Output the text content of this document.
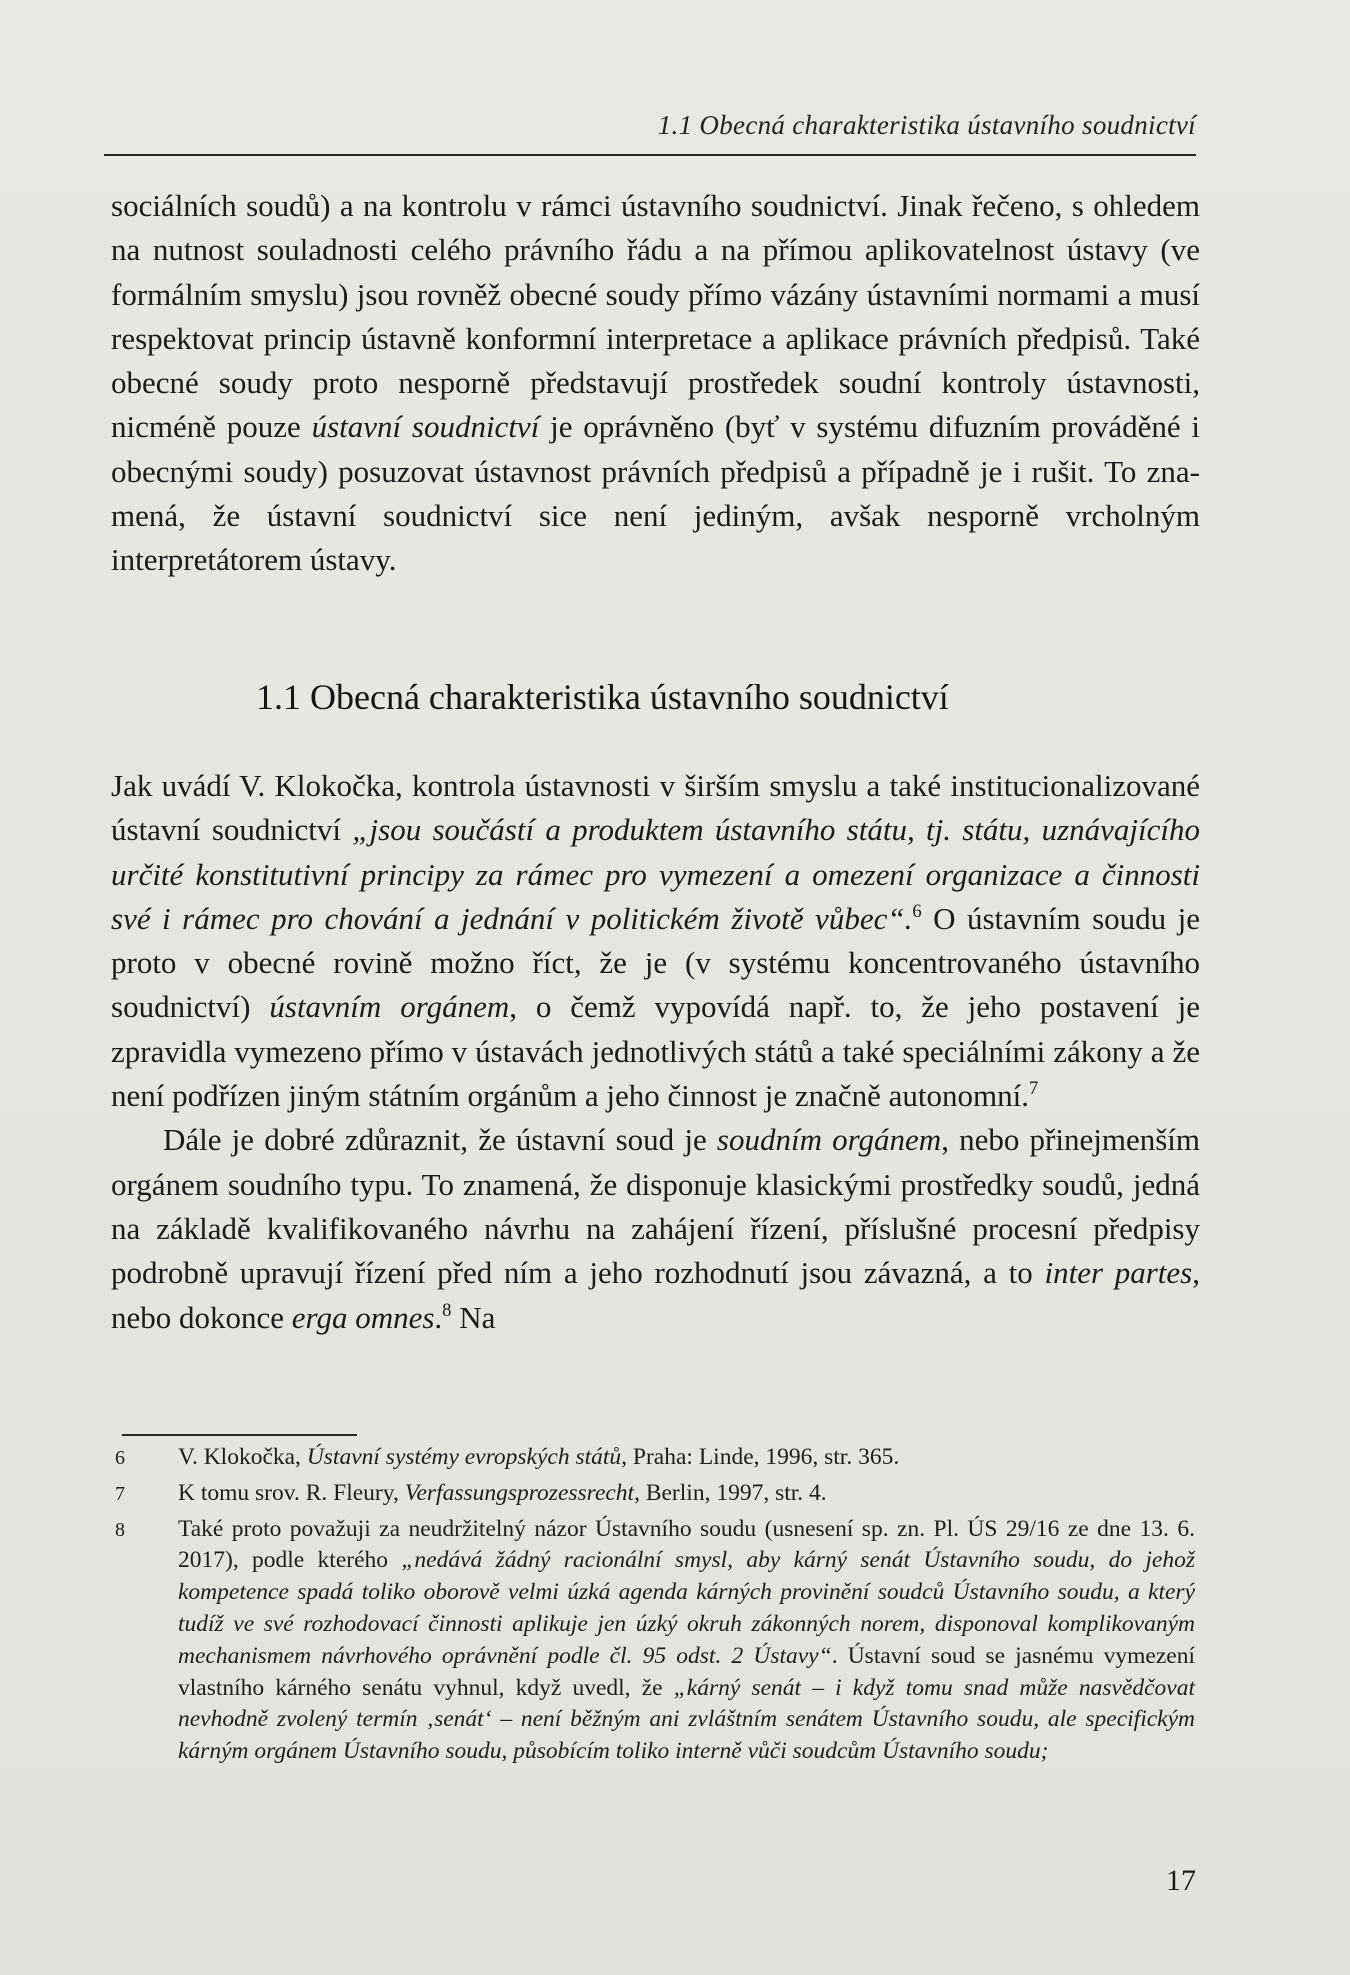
1.1 Obecná charakteristika ústavního soudnictví

sociálních soudů) a na kontrolu v rámci ústavního soudnictví. Jinak řečeno, s ohledem na nutnost souladnosti celého právního řádu a na přímou aplikovatelnost ústavy (ve formálním smyslu) jsou rovněž obecné soudy přímo vázány ústavními normami a musí respektovat princip ústavně konformní interpretace a aplikace právních předpisů. Také obecné soudy proto nesporně představují prostředek soudní kontroly ústavnosti, nicméně pouze ústavní soudnictví je oprávněno (byť v systému difuzním prováděné i obecnými soudy) posuzovat ústavnost právních předpisů a případně je i rušit. To znamená, že ústavní soudnictví sice není jediným, avšak nesporně vrcholným interpretátorem ústavy.

1.1 Obecná charakteristika ústavního soudnictví

Jak uvádí V. Klokočka, kontrola ústavnosti v širším smyslu a také institucionalizované ústavní soudnictví „jsou součástí a produktem ústavního státu, tj. státu, uznávajícího určité konstitutivní principy za rámec pro vymezení a omezení organizace a činnosti své i rámec pro chování a jednání v politickém životě vůbec“.$^6$ O ústavním soudu je proto v obecné rovině možno říct, že je (v systému koncentrovaného ústavního soudnictví) ústavním orgánem, o čemž vypovídá např. to, že jeho postavení je zpravidla vymezeno přímo v ústavách jednotlivých států a také speciálními zákony a že není podřízen jiným státním orgánům a jeho činnost je značně autonomní.$^7$

Dále je dobré zdůraznit, že ústavní soud je soudním orgánem, nebo přinejmenším orgánem soudního typu. To znamená, že disponuje klasickými prostředky soudů, jedná na základě kvalifikovaného návrhu na zahájení řízení, příslušné procesní předpisy podrobně upravují řízení před ním a jeho rozhodnutí jsou závazná, a to inter partes, nebo dokonce erga omnes.$^8$ Na

6 V. Klokočka, Ústavní systémy evropských států, Praha: Linde, 1996, str. 365.
7 K tomu srov. R. Fleury, Verfassungsprozessrecht, Berlin, 1997, str. 4.
8 Také proto považuji za neudržitelný názor Ústavního soudu (usnesení sp. zn. Pl. ÚS 29/16 ze dne 13. 6. 2017), podle kterého „nedává žádný racionální smysl, aby kárný senát Ústavního soudu, do jehož kompetence spadá toliko oborově velmi úzká agenda kárných provinění soudců Ústavního soudu, a který tudíž ve své rozhodovací činnosti aplikuje jen úzký okruh zákonných norem, disponoval komplikovaným mechanismem návrhového oprávnění podle čl. 95 odst. 2 Ústavy“. Ústavní soud se jasnému vymezení vlastního kárného senátu vyhnul, když uvedl, že „kárný senát – i když tomu snad může nasvědčovat nevhodně zvolený termín ‚senát‘ – není běžným ani zvláštním senátem Ústavního soudu, ale specifickým kárným orgánem Ústavního soudu, působícím toliko interně vůči soudcům Ústavního soudu;
17
